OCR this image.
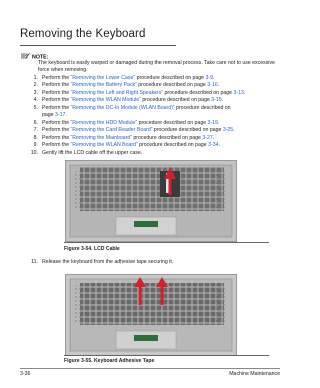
Removing the Keyboard
NOTE:
The keyboard is easily warped or damaged during the removal process. Take care not to use excessive force when removing.
1. Perform the “Removing the Lower Case” procedure described on page 3-9.
2. Perform the “Removing the Battery Pack” procedure described on page 3-10.
3. Perform the “Removing the Left and Right Speakers” procedure described on page 3-13.
4. Perform the “Removing the WLAN Module” procedure described on page 3-15.
5. Perform the “Removing the DC-In Module (WLAN Board)” procedure described on
page 3-17.
6. Perform the “Removing the HDD Module” procedure described on page 3-19.
7. Perform the “Removing the Card Reader Board” procedure described on page 3-25.
8. Perform the “Removing the Mainboard” procedure described on page 3-27.
9. Perform the “Removing the WLAN Board” procedure described on page 3-34.
10. Gently lift the LCD cable off the upper case.
Figure 3-54. LCD Cable
11. Release the keyboard from the adhesive tape securing it.
Figure 3-55. Keyboard Adhesive Tape
3-36	Machine Maintenance
